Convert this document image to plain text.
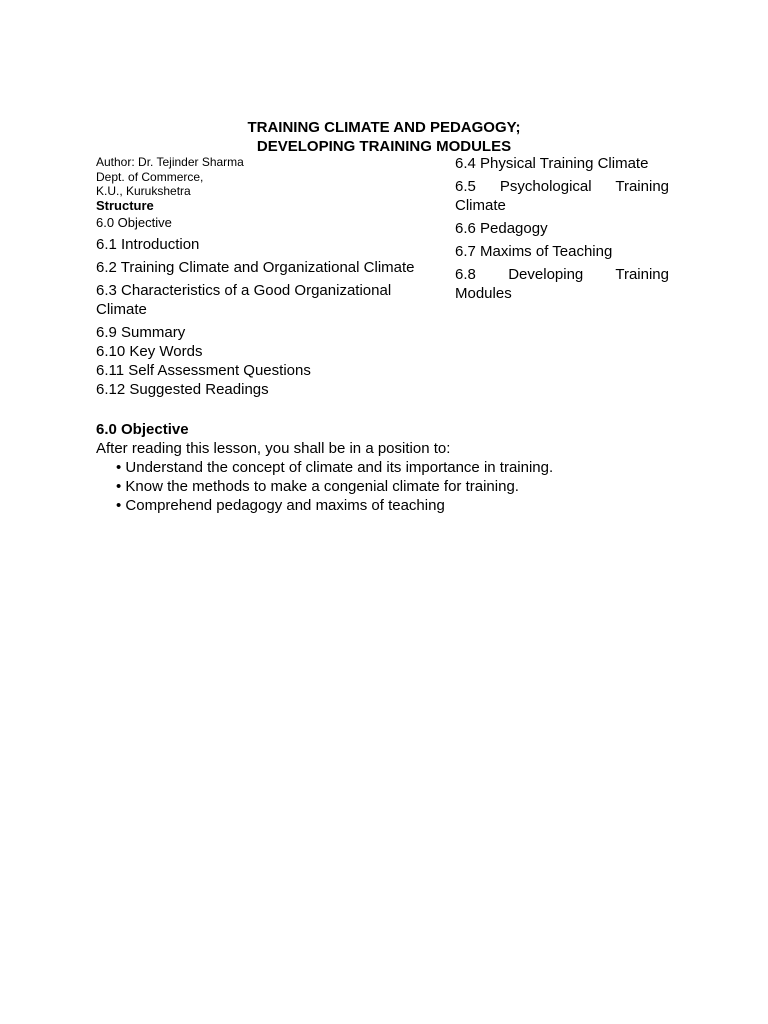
TRAINING CLIMATE AND PEDAGOGY;
DEVELOPING TRAINING MODULES
Author: Dr. Tejinder Sharma
Dept. of Commerce,
K.U., Kurukshetra
Structure
6.0 Objective
6.1 Introduction
6.2 Training Climate and Organizational Climate
6.3 Characteristics of a Good Organizational Climate
6.9 Summary
6.10 Key Words
6.11 Self Assessment Questions
6.12 Suggested Readings
6.4 Physical Training Climate
6.5 Psychological Training Climate
6.6 Pedagogy
6.7 Maxims of Teaching
6.8 Developing Training Modules
6.0 Objective
After reading this lesson, you shall be in a position to:
• Understand the concept of climate and its importance in training.
• Know the methods to make a congenial climate for training.
• Comprehend pedagogy and maxims of teaching
